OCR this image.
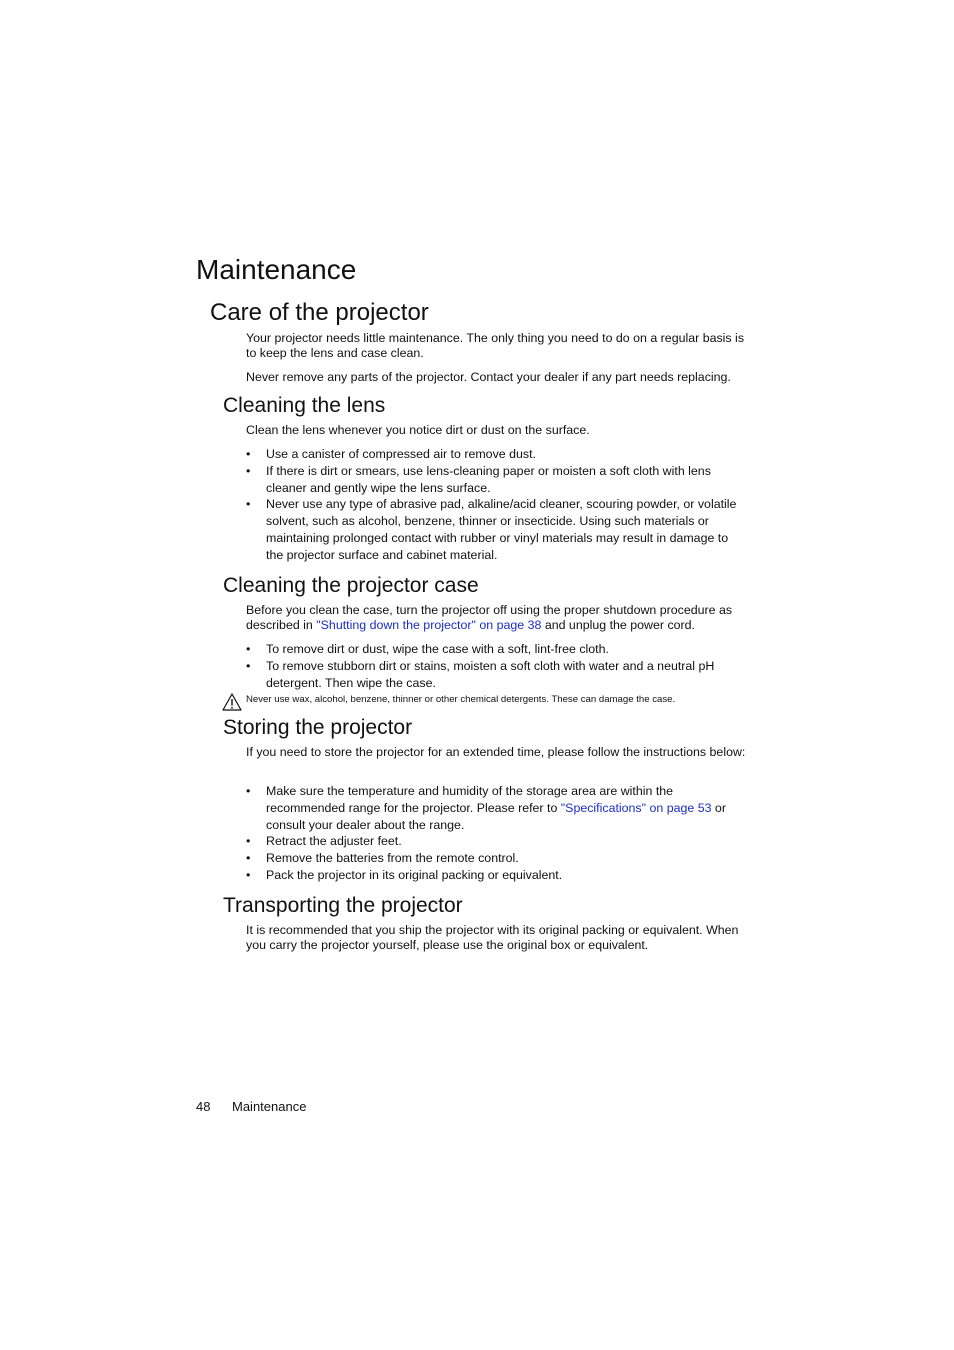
Maintenance
Care of the projector

Your projector needs little maintenance. The only thing you need to do on a regular basis is to keep the lens and case clean.

Never remove any parts of the projector. Contact your dealer if any part needs replacing.

Cleaning the lens

Clean the lens whenever you notice dirt or dust on the surface.

• Use a canister of compressed air to remove dust.
• If there is dirt or smears, use lens-cleaning paper or moisten a soft cloth with lens cleaner and gently wipe the lens surface.
• Never use any type of abrasive pad, alkaline/acid cleaner, scouring powder, or volatile solvent, such as alcohol, benzene, thinner or insecticide. Using such materials or maintaining prolonged contact with rubber or vinyl materials may result in damage to the projector surface and cabinet material.
Cleaning the projector case

Before you clean the case, turn the projector off using the proper shutdown procedure as described in "Shutting down the projector" on page 38 and unplug the power cord.

• To remove dirt or dust, wipe the case with a soft, lint-free cloth.
• To remove stubborn dirt or stains, moisten a soft cloth with water and a neutral pH detergent. Then wipe the case.
Never use wax, alcohol, benzene, thinner or other chemical detergents. These can damage the case.
Storing the projector

If you need to store the projector for an extended time, please follow the instructions below:

• Make sure the temperature and humidity of the storage area are within the recommended range for the projector. Please refer to "Specifications" on page 53 or consult your dealer about the range.
• Retract the adjuster feet.
• Remove the batteries from the remote control.
• Pack the projector in its original packing or equivalent.
Transporting the projector

It is recommended that you ship the projector with its original packing or equivalent. When you carry the projector yourself, please use the original box or equivalent.

48 Maintenance
